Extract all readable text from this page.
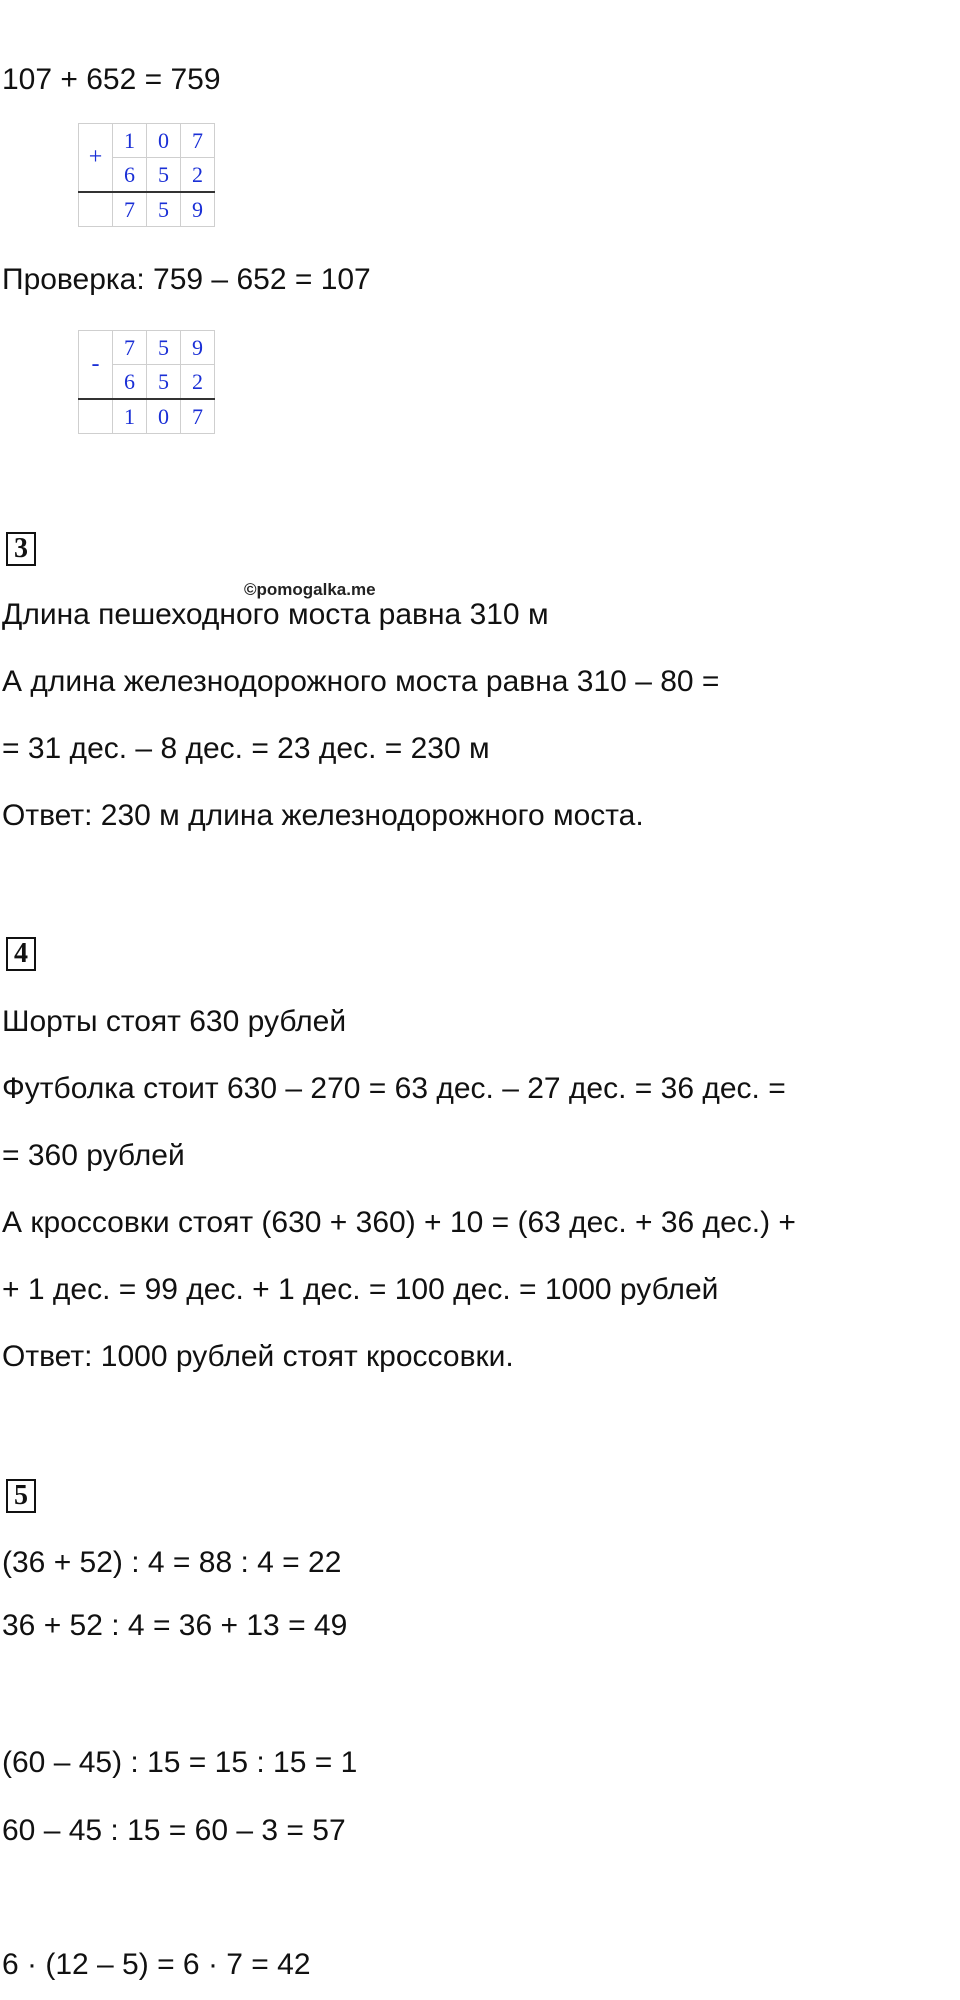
107 + 652 = 759

+	1	0	7
	6	5	2
	7	5	9

Проверка: 759 – 652 = 107

-	7	5	9
	6	5	2
	1	0	7
3
©pomogalka.me

Длина пешеходного моста равна 310 м

А длина железнодорожного моста равна 310 – 80 =

= 31 дес. – 8 дес. = 23 дес. = 230 м

Ответ: 230 м длина железнодорожного моста.

4

Шорты стоят 630 рублей

Футболка стоит 630 – 270 = 63 дес. – 27 дес. = 36 дес. =

= 360 рублей

А кроссовки стоят (630 + 360) + 10 = (63 дес. + 36 дес.) +

+ 1 дес. = 99 дес. + 1 дес. = 100 дес. = 1000 рублей

Ответ: 1000 рублей стоят кроссовки.

5

(36 + 52) : 4 = 88 : 4 = 22

36 + 52 : 4 = 36 + 13 = 49

(60 – 45) : 15 = 15 : 15 = 1

60 – 45 : 15 = 60 – 3 = 57

6 · (12 – 5) = 6 · 7 = 42
